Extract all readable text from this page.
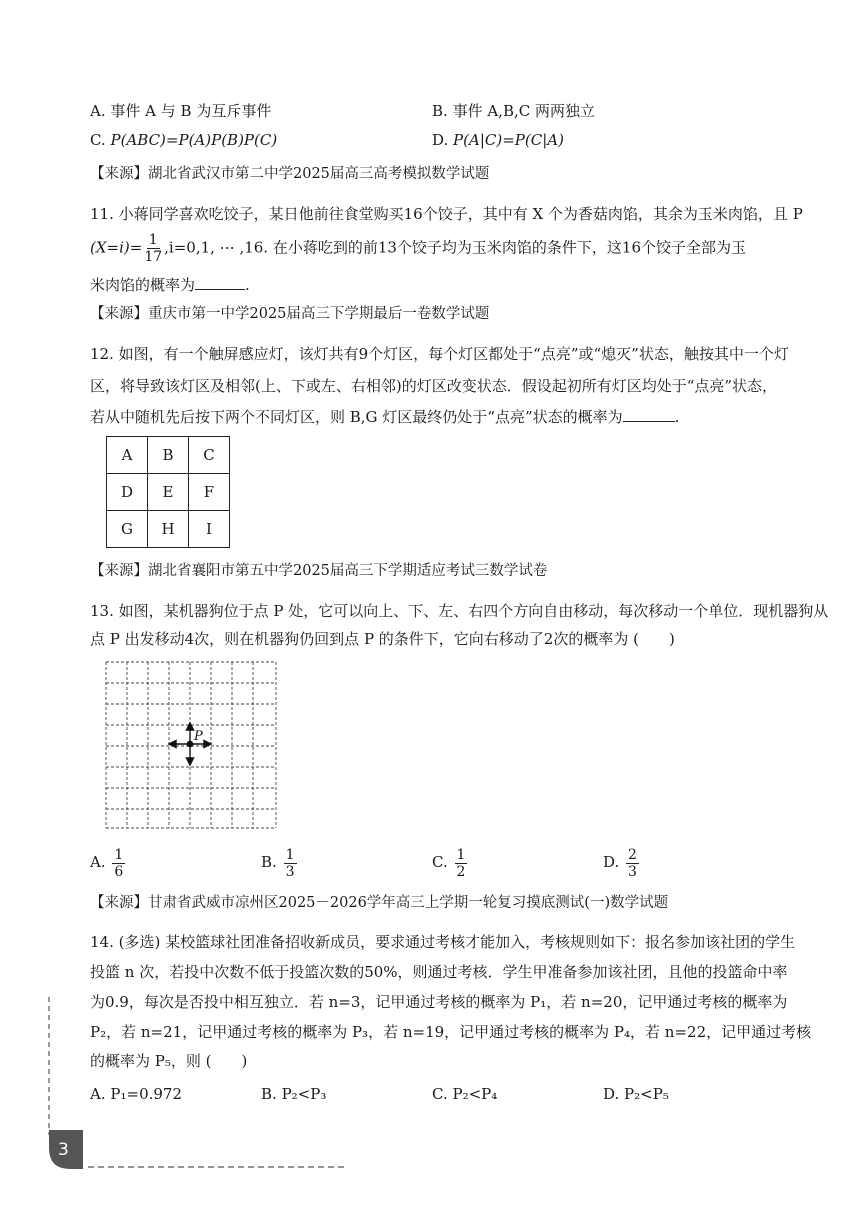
A. 事件 A 与 B 为互斥事件	B. 事件 A,B,C 两两独立
C. P(ABC)=P(A)P(B)P(C)	D. P(A|C)=P(C|A)
【来源】湖北省武汉市第二中学2025届高三高考模拟数学试题
11. 小蒋同学喜欢吃饺子，某日他前往食堂购买16个饺子，其中有 X 个为香菇肉馅，其余为玉米肉馅，且 P
$(X=i)= \frac{1}{17} ,i=0,1$, ⋯ ,16. 在小蒋吃到的前13个饺子均为玉米肉馅的条件下，这16个饺子全部为玉
米肉馅的概率为	.
【来源】重庆市第一中学2025届高三下学期最后一卷数学试题
12. 如图，有一个触屏感应灯，该灯共有9个灯区，每个灯区都处于“点亮”或“熄灭”状态，触按其中一个灯
区，将导致该灯区及相邻(上、下或左、右相邻)的灯区改变状态．假设起初所有灯区均处于“点亮”状态，
若从中随机先后按下两个不同灯区，则 B,G 灯区最终仍处于“点亮”状态的概率为	.
A	B	C
D	E	F
G	H	I
【来源】湖北省襄阳市第五中学2025届高三下学期适应考试三数学试卷
13. 如图，某机器狗位于点 P 处，它可以向上、下、左、右四个方向自由移动，每次移动一个单位．现机器狗从
点 P 出发移动4次，则在机器狗仍回到点 P 的条件下，它向右移动了2次的概率为 ( )
P
A. $\frac{1}{6}$	B. $\frac{1}{3}$	C. $\frac{1}{2}$	D. $\frac{2}{3}$
【来源】甘肃省武威市凉州区2025－2026学年高三上学期一轮复习摸底测试(一)数学试题
14. (多选) 某校篮球社团准备招收新成员，要求通过考核才能加入，考核规则如下：报名参加该社团的学生
投篮 n 次，若投中次数不低于投篮次数的50%，则通过考核．学生甲准备参加该社团，且他的投篮命中率
为0.9，每次是否投中相互独立．若 n=3，记甲通过考核的概率为 P₁，若 n=20，记甲通过考核的概率为
P₂，若 n=21，记甲通过考核的概率为 P₃，若 n=19，记甲通过考核的概率为 P₄，若 n=22，记甲通过考核
的概率为 P₅，则 ( )
A. P₁=0.972	B. P₂<P₃	C. P₂<P₄	D. P₂<P₅
3
